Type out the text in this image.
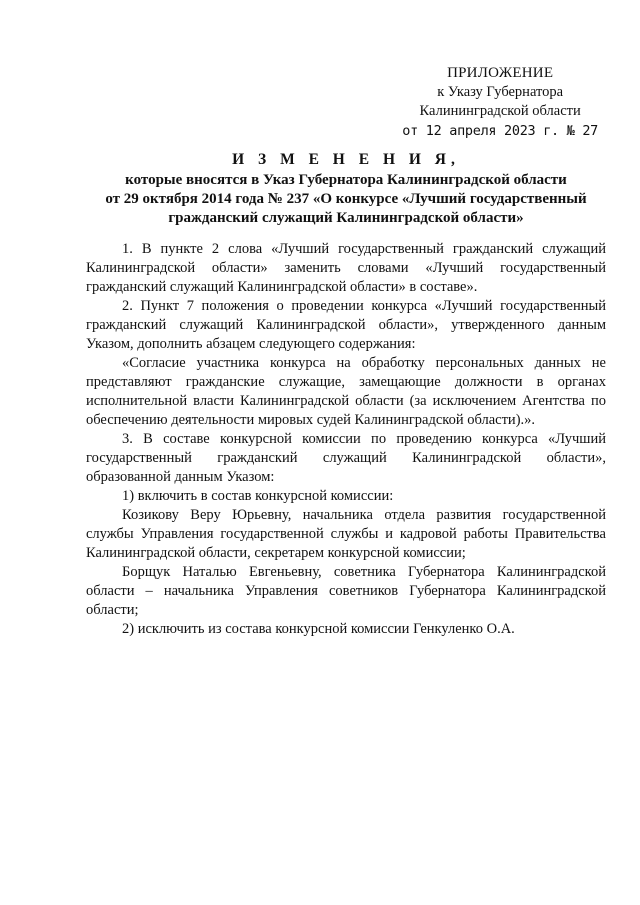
ПРИЛОЖЕНИЕ
к Указу Губернатора
Калининградской области
от 12 апреля 2023 г. № 27
И З М Е Н Е Н И Я,
которые вносятся в Указ Губернатора Калининградской области
от 29 октября 2014 года № 237 «О конкурсе «Лучший государственный
гражданский служащий Калининградской области»

1. В пункте 2 слова «Лучший государственный гражданский служащий Калининградской области» заменить словами «Лучший государственный гражданский служащий Калининградской области» в составе».

2. Пункт 7 положения о проведении конкурса «Лучший государственный гражданский служащий Калининградской области», утвержденного данным Указом, дополнить абзацем следующего содержания:

«Согласие участника конкурса на обработку персональных данных не представляют гражданские служащие, замещающие должности в органах исполнительной власти Калининградской области (за исключением Агентства по обеспечению деятельности мировых судей Калининградской области).».

3. В составе конкурсной комиссии по проведению конкурса «Лучший государственный гражданский служащий Калининградской области», образованной данным Указом:

1) включить в состав конкурсной комиссии:

Козикову Веру Юрьевну, начальника отдела развития государственной службы Управления государственной службы и кадровой работы Правительства Калининградской области, секретарем конкурсной комиссии;

Борщук Наталью Евгеньевну, советника Губернатора Калининградской области – начальника Управления советников Губернатора Калининградской области;

2) исключить из состава конкурсной комиссии Генкуленко О.А.
